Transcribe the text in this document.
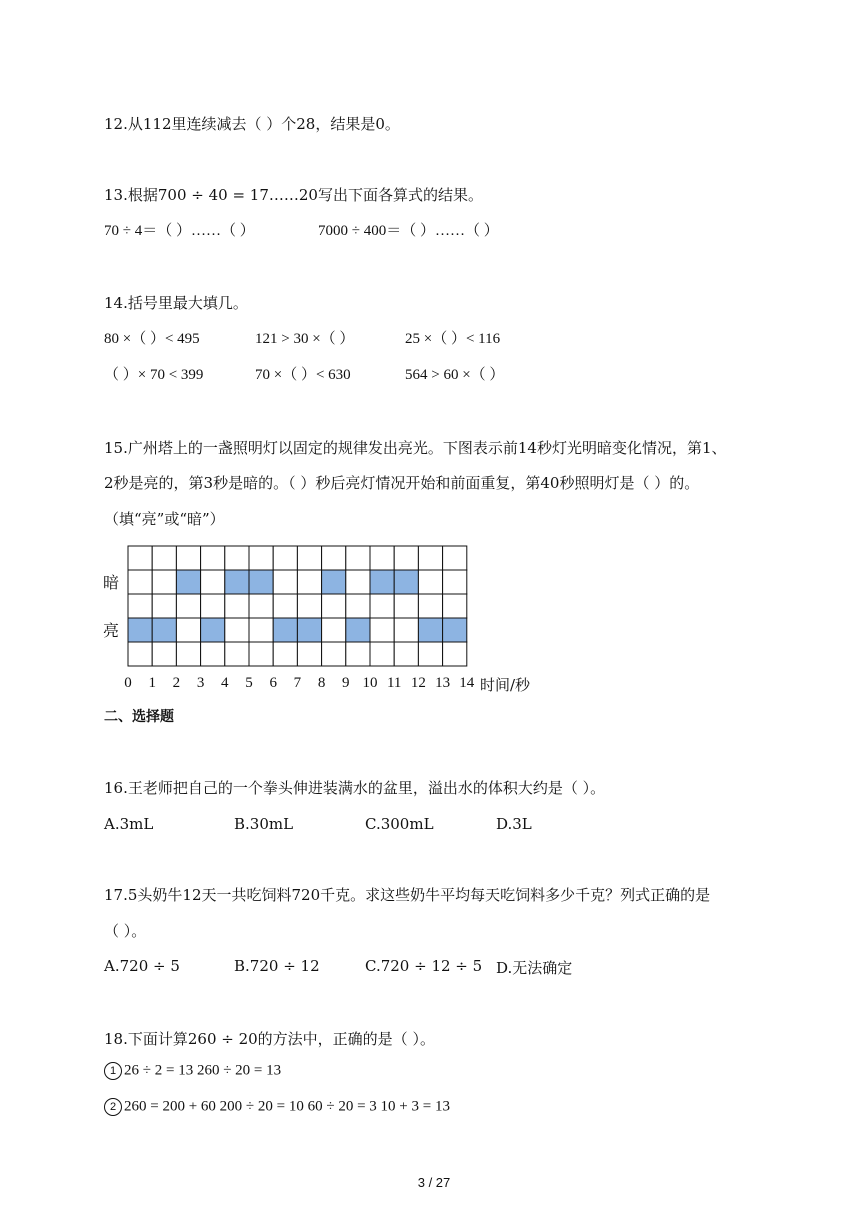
12.从112里连续减去（ ）个28，结果是0。
13.根据700 ÷ 40 = 17……20写出下面各算式的结果。
70 ÷ 4＝（ ）……（ ）	7000 ÷ 400＝（ ）……（ ）
14.括号里最大填几。
80 ×（ ）< 495	121 > 30 ×（ ）	25 ×（ ）< 116
（ ）× 70 < 399	70 ×（ ）< 630	564 > 60 ×（ ）
15.广州塔上的一盏照明灯以固定的规律发出亮光。下图表示前14秒灯光明暗变化情况，第1、
2秒是亮的，第3秒是暗的。（ ）秒后亮灯情况开始和前面重复，第40秒照明灯是（ ）的。
（填“亮”或“暗”）
暗
亮
0	1	2	3	4	5	6	7	8	9 10 11 12 13 14 时间/秒
二、选择题
16.王老师把自己的一个拳头伸进装满水的盆里，溢出水的体积大约是（ ）。
A.3mL	B.30mL	C.300mL	D.3L
17.5头奶牛12天一共吃饲料720千克。求这些奶牛平均每天吃饲料多少千克？列式正确的是
（ ）。
A.720 ÷ 5	B.720 ÷ 12	C.720 ÷ 12 ÷ 5 D.无法确定
18.下面计算260 ÷ 20的方法中，正确的是（ ）。
1 26 ÷ 2 = 13 260 ÷ 20 = 13
2 260 = 200 + 60 200 ÷ 20 = 10 60 ÷ 20 = 3 10 + 3 = 13
3 / 27
